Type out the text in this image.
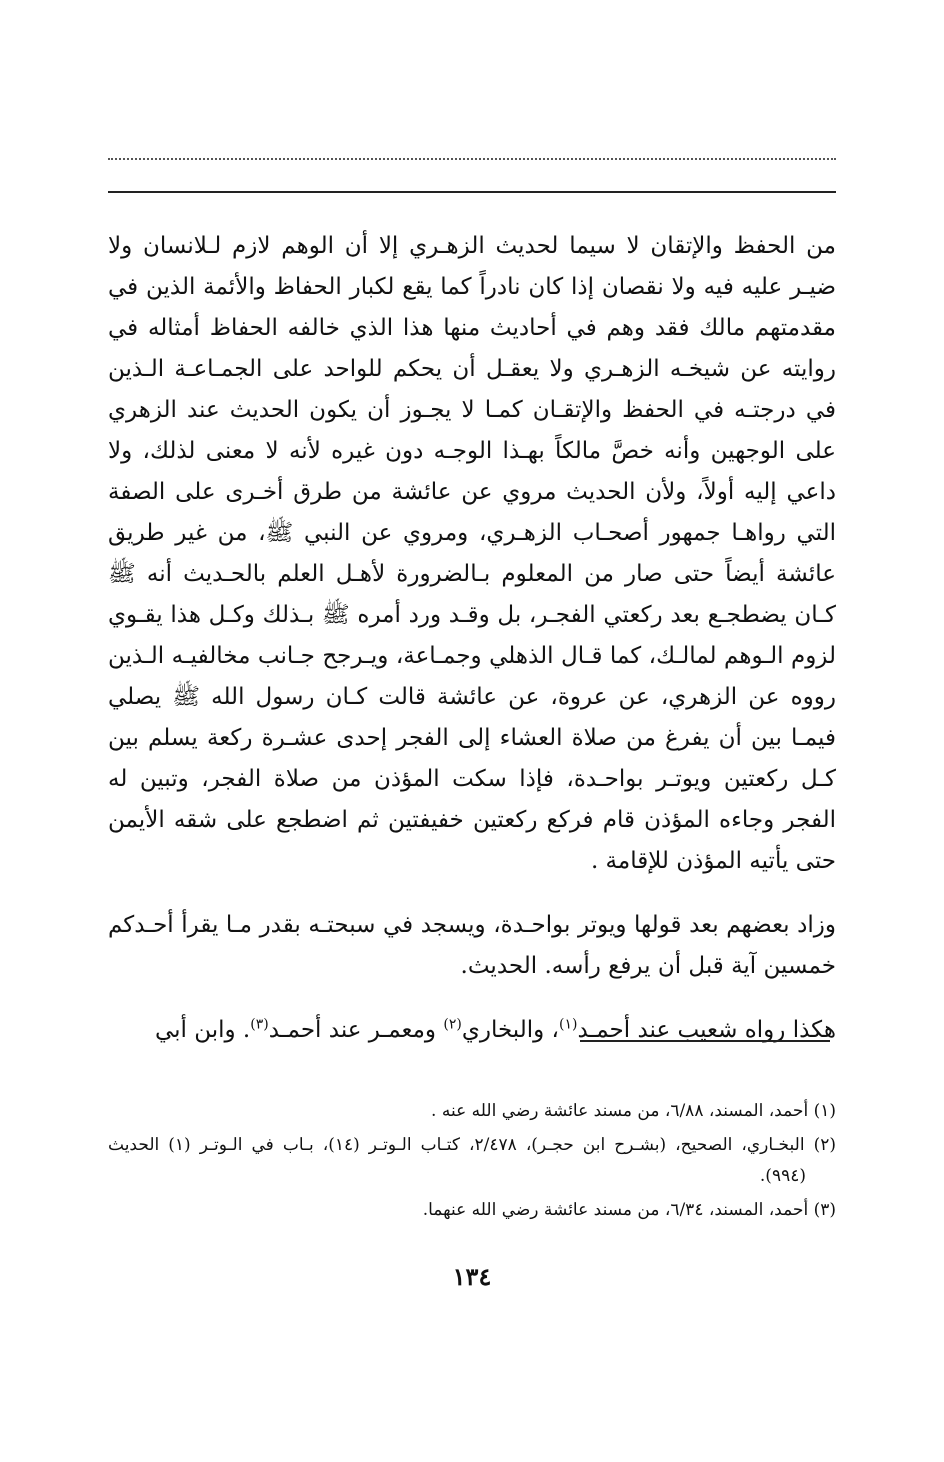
من الحفظ والإتقان لا سيما لحديث الزهـري إلا أن الوهم لازم لـلانسان ولا ضيـر عليه فيه ولا نقصان إذا كان نادراً كما يقع لكبار الحفاظ والأئمة الذين في مقدمتهم مالك فقد وهم في أحاديث منها هذا الذي خالفه الحفاظ أمثاله في روايته عن شيخـه الزهـري ولا يعقـل أن يحكم للواحد على الجمـاعـة الـذين في درجتـه في الحفظ والإتقـان كمـا لا يجـوز أن يكون الحديث عند الزهري على الوجهين وأنه خصَّ مالكاً بهـذا الوجـه دون غيره لأنه لا معنى لذلك، ولا داعي إليه أولاً، ولأن الحديث مروي عن عائشة من طرق أخـرى على الصفة التي رواهـا جمهور أصحـاب الزهـري، ومروي عن النبي ﷺ، من غير طريق عائشة أيضاً حتى صار من المعلوم بـالضرورة لأهـل العلم بالحـديث أنه ﷺ كـان يضطجـع بعد ركعتي الفجـر، بل وقـد ورد أمره ﷺ بـذلك وكـل هذا يقـوي لزوم الـوهم لمالـك، كما قـال الذهلي وجمـاعة، ويـرجح جـانب مخالفيـه الـذين رووه عن الزهري، عن عروة، عن عائشة قالت كـان رسول الله ﷺ يصلي فيمـا بين أن يفرغ من صلاة العشاء إلى الفجر إحدى عشـرة ركعة يسلم بين كـل ركعتين ويوتـر بواحـدة، فإذا سكت المؤذن من صلاة الفجر، وتبين له الفجر وجاءه المؤذن قام فركع ركعتين خفيفتين ثم اضطجع على شقه الأيمن حتى يأتيه المؤذن للإقامة .

وزاد بعضهم بعد قولها ويوتر بواحـدة، ويسجد في سبحتـه بقدر مـا يقرأ أحـدكم خمسين آية قبل أن يرفع رأسه. الحديث.

هكذا رواه شعيب عند أحمـد$^{(١)}$، والبخاري$^{(٢)}$ ومعمـر عند أحمـد$^{(٣)}$. وابن أبي

(١) أحمد، المسند، ٦/٨٨، من مسند عائشة رضي الله عنه .

(٢) البخـاري، الصحيح، (بشـرح ابن حجـر)، ٢/٤٧٨، كتـاب الـوتـر (١٤)، بـاب في الـوتـر (١) الحديث (٩٩٤).

(٣) أحمد، المسند، ٦/٣٤، من مسند عائشة رضي الله عنهما.

١٣٤
